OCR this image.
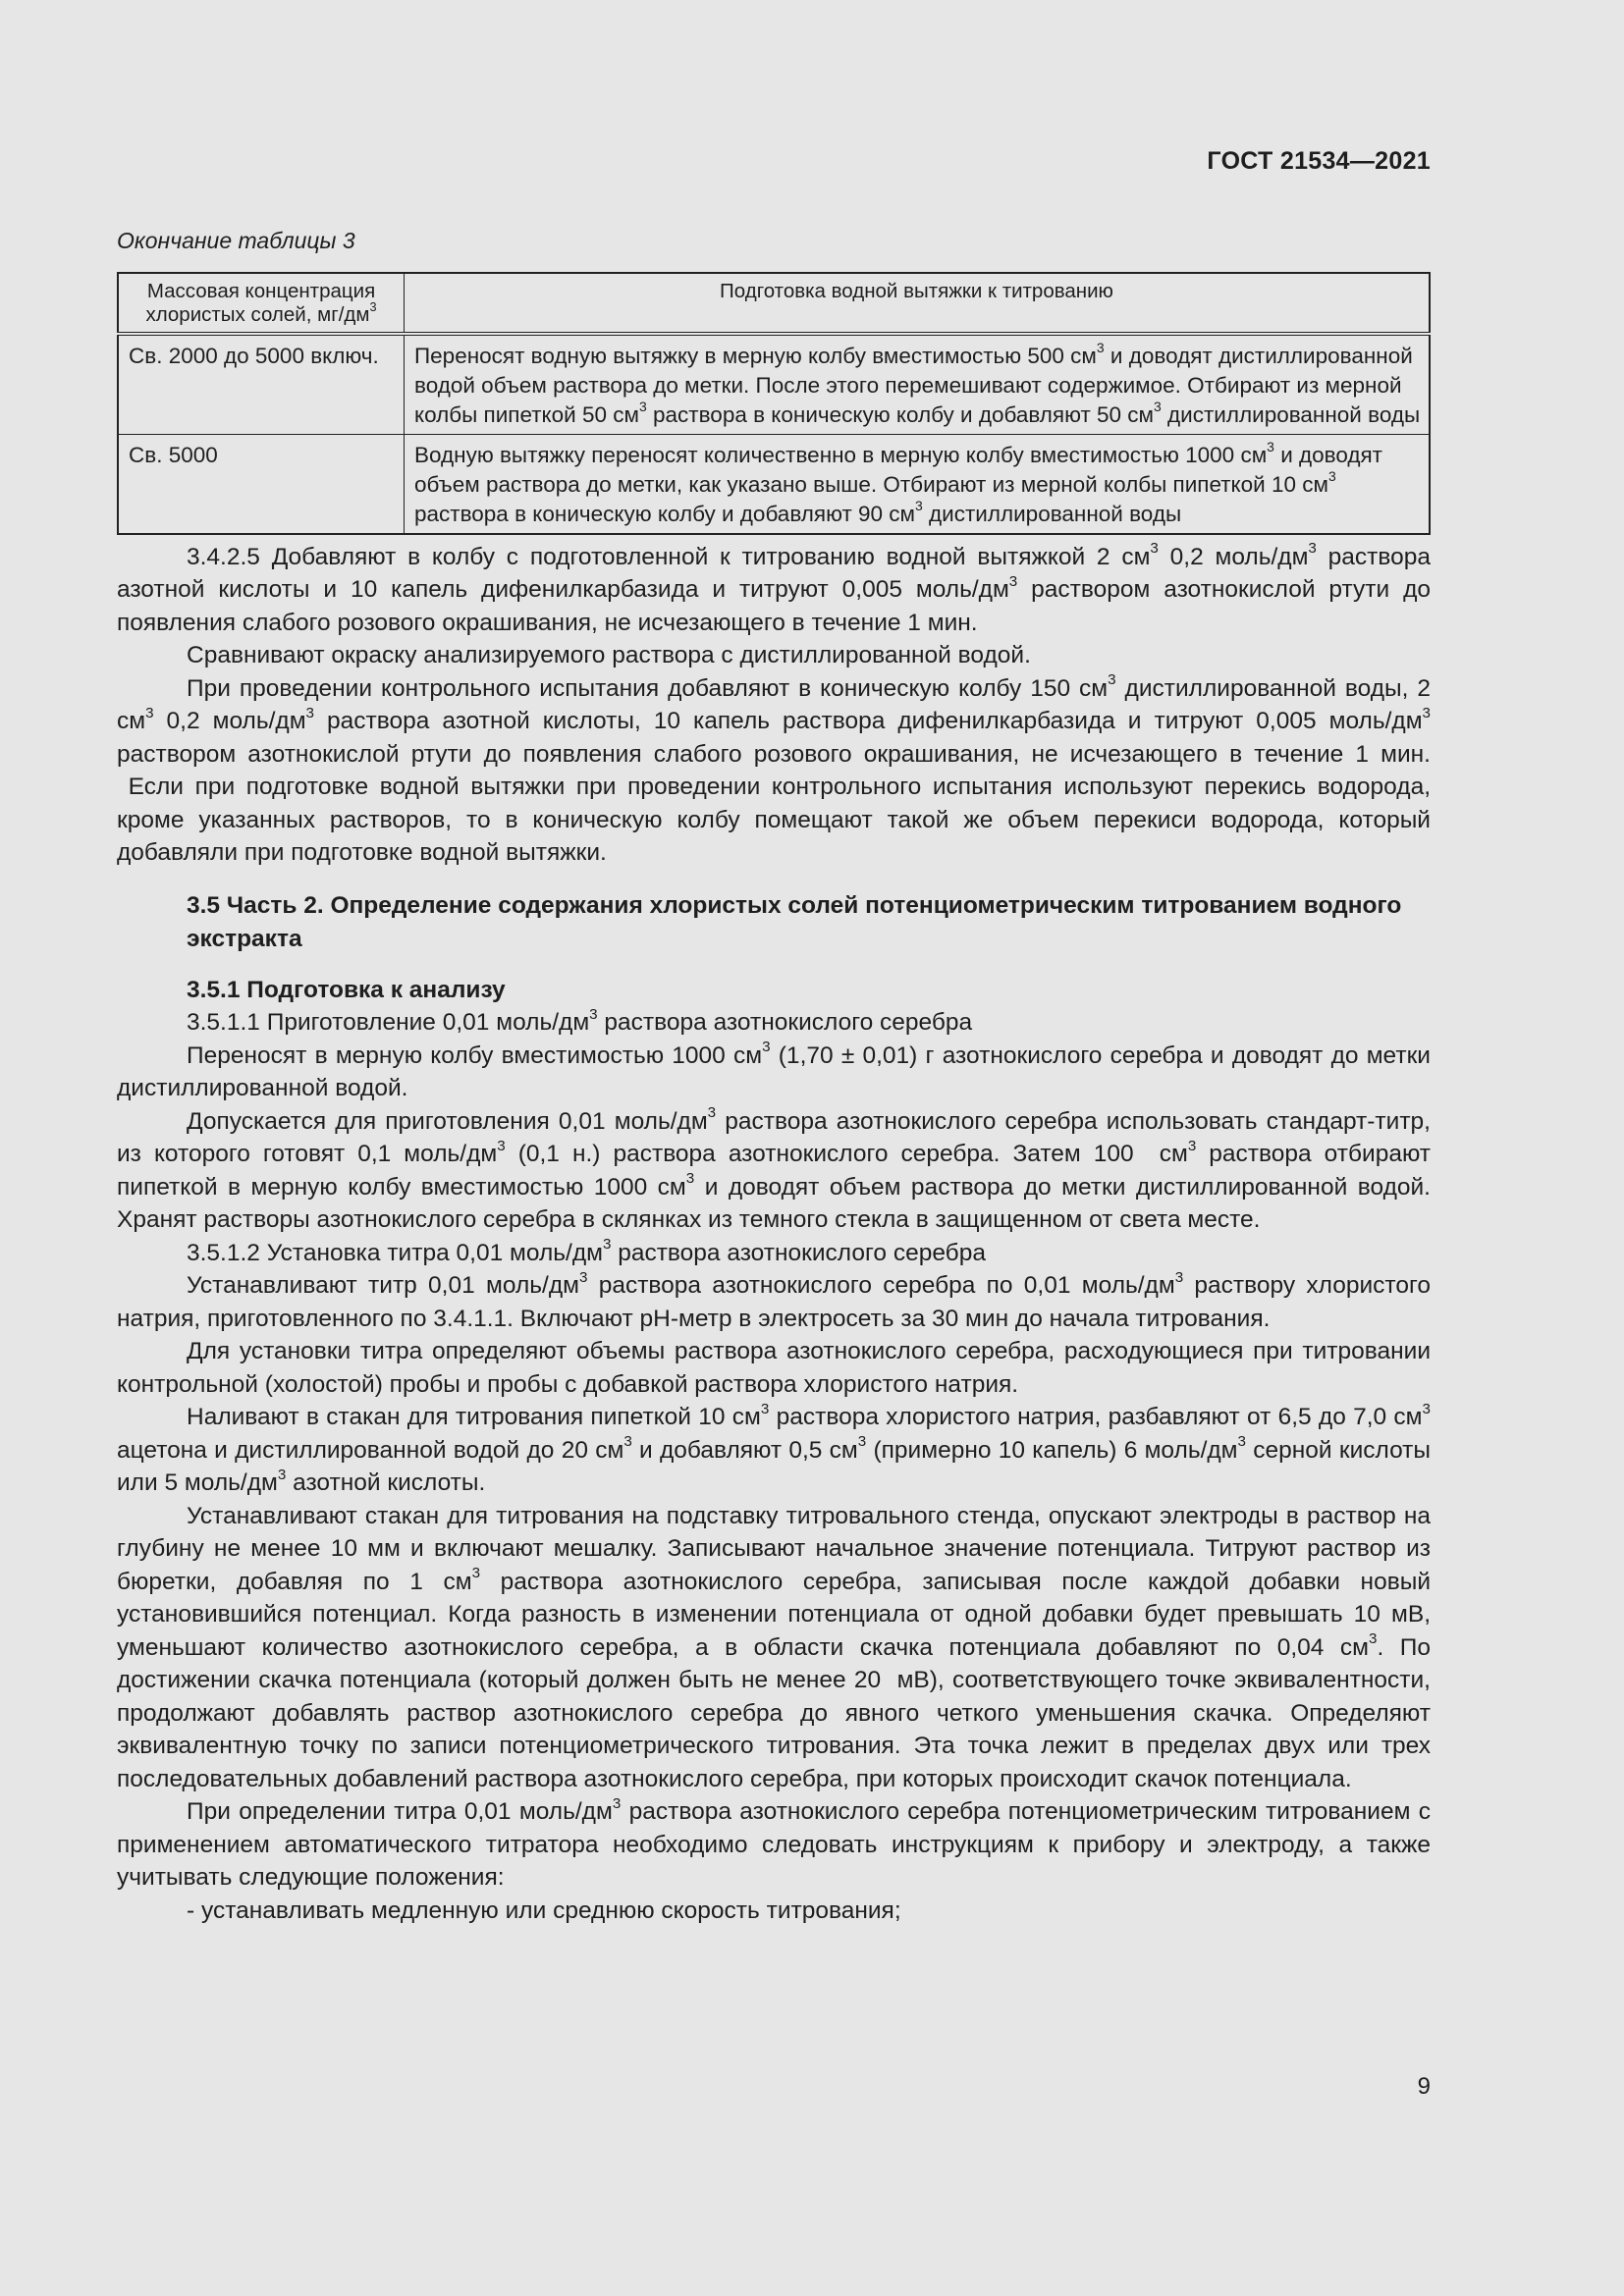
ГОСТ 21534—2021
Окончание таблицы 3
Массовая концентрация хлористых солей, $мг/дм^3$	Подготовка водной вытяжки к титрованию
Св. 2000 до 5000 включ.	Переносят водную вытяжку в мерную колбу вместимостью 500 $см^3$ и доводят дистиллированной водой объем раствора до метки. После этого перемешивают содержимое. Отбирают из мерной колбы пипеткой 50 $см^3$ раствора в коническую колбу и добавляют 50 $см^3$ дистиллированной воды
Св. 5000	Водную вытяжку переносят количественно в мерную колбу вместимостью 1000 $см^3$ и доводят объем раствора до метки, как указано выше. Отбирают из мерной колбы пипеткой 10 $см^3$ раствора в коническую колбу и добавляют 90 $см^3$ дистиллированной воды

3.4.2.5 Добавляют в колбу с подготовленной к титрованию водной вытяжкой 2 $см^3$ 0,2 моль/$дм^3$ раствора азотной кислоты и 10 капель дифенилкарбазида и титруют 0,005 моль/$дм^3$ раствором азотнокислой ртути до появления слабого розового окрашивания, не исчезающего в течение 1 мин.

Сравнивают окраску анализируемого раствора с дистиллированной водой.

При проведении контрольного испытания добавляют в коническую колбу 150 $см^3$ дистиллированной воды, 2 $см^3$ 0,2 моль/$дм^3$ раствора азотной кислоты, 10 капель раствора дифенилкарбазида и титруют 0,005 моль/$дм^3$ раствором азотнокислой ртути до появления слабого розового окрашивания, не исчезающего в течение 1 мин.  Если при подготовке водной вытяжки при проведении контрольного испытания используют перекись водорода, кроме указанных растворов, то в коническую колбу помещают такой же объем перекиси водорода, который добавляли при подготовке водной вытяжки.

3.5 Часть 2. Определение содержания хлористых солей потенциометрическим титрованием водного экстракта
3.5.1 Подготовка к анализу

3.5.1.1 Приготовление 0,01 моль/$дм^3$ раствора азотнокислого серебра

Переносят в мерную колбу вместимостью 1000 $см^3$ (1,70 ± 0,01) г азотнокислого серебра и доводят до метки дистиллированной водой.

Допускается для приготовления 0,01 моль/$дм^3$ раствора азотнокислого серебра использовать стандарт-титр, из которого готовят 0,1 моль/$дм^3$ (0,1 н.) раствора азотнокислого серебра. Затем 100  $см^3$ раствора отбирают пипеткой в мерную колбу вместимостью 1000 $см^3$ и доводят объем раствора до метки дистиллированной водой. Хранят растворы азотнокислого серебра в склянках из темного стекла в защищенном от света месте.

3.5.1.2 Установка титра 0,01 моль/$дм^3$ раствора азотнокислого серебра

Устанавливают титр 0,01 моль/$дм^3$ раствора азотнокислого серебра по 0,01 моль/$дм^3$ раствору хлористого натрия, приготовленного по 3.4.1.1. Включают рН-метр в электросеть за 30 мин до начала титрования.

Для установки титра определяют объемы раствора азотнокислого серебра, расходующиеся при титровании контрольной (холостой) пробы и пробы с добавкой раствора хлористого натрия.

Наливают в стакан для титрования пипеткой 10 $см^3$ раствора хлористого натрия, разбавляют от 6,5 до 7,0 $см^3$ ацетона и дистиллированной водой до 20 $см^3$ и добавляют 0,5 $см^3$ (примерно 10 капель) 6 моль/$дм^3$ серной кислоты или 5 моль/$дм^3$ азотной кислоты.

Устанавливают стакан для титрования на подставку титровального стенда, опускают электроды в раствор на глубину не менее 10 мм и включают мешалку. Записывают начальное значение потенциала. Титруют раствор из бюретки, добавляя по 1 $см^3$ раствора азотнокислого серебра, записывая после каждой добавки новый установившийся потенциал. Когда разность в изменении потенциала от одной добавки будет превышать 10 мВ, уменьшают количество азотнокислого серебра, а в области скачка потенциала добавляют по 0,04 $см^3$. По достижении скачка потенциала (который должен быть не менее 20  мВ), соответствующего точке эквивалентности, продолжают добавлять раствор азотнокислого серебра до явного четкого уменьшения скачка. Определяют эквивалентную точку по записи потенциометрического титрования. Эта точка лежит в пределах двух или трех последовательных добавлений раствора азотнокислого серебра, при которых происходит скачок потенциала.

При определении титра 0,01 моль/$дм^3$ раствора азотнокислого серебра потенциометрическим титрованием с применением автоматического титратора необходимо следовать инструкциям к прибору и электроду, а также учитывать следующие положения:

- устанавливать медленную или среднюю скорость титрования;

9
